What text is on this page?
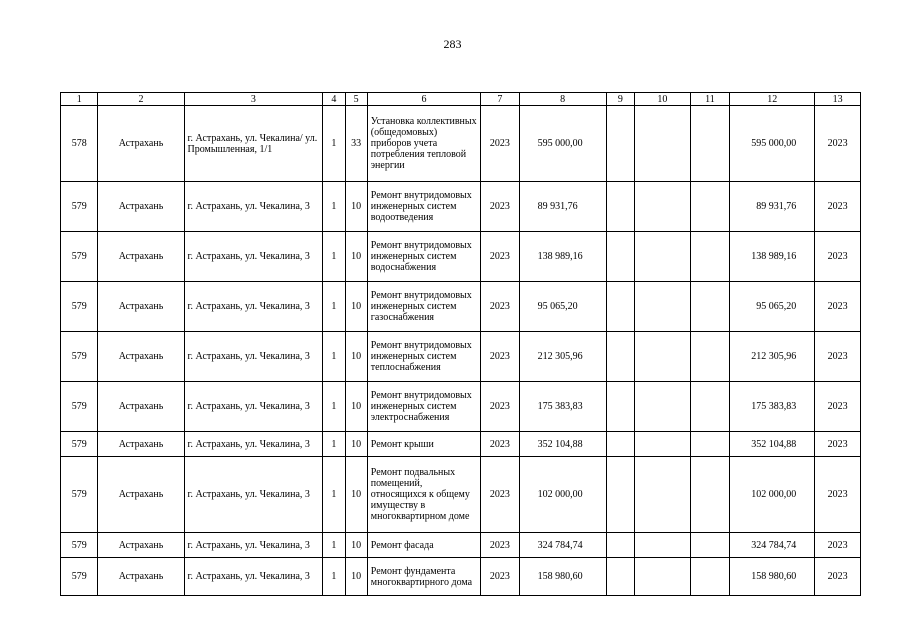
283
1	2	3	4	5	6	7	8	9	10	11	12	13
578	Астрахань	г. Астрахань, ул. Чекалина/ ул. Промышленная, 1/1	1	33	Установка коллективных (общедомовых) приборов учета потребления тепловой энергии	2023	595 000,00				595 000,00	2023
579	Астрахань	г. Астрахань, ул. Чекалина, 3	1	10	Ремонт внутридомовых инженерных систем водоотведения	2023	89 931,76				89 931,76	2023
579	Астрахань	г. Астрахань, ул. Чекалина, 3	1	10	Ремонт внутридомовых инженерных систем водоснабжения	2023	138 989,16				138 989,16	2023
579	Астрахань	г. Астрахань, ул. Чекалина, 3	1	10	Ремонт внутридомовых инженерных систем газоснабжения	2023	95 065,20				95 065,20	2023
579	Астрахань	г. Астрахань, ул. Чекалина, 3	1	10	Ремонт внутридомовых инженерных систем теплоснабжения	2023	212 305,96				212 305,96	2023
579	Астрахань	г. Астрахань, ул. Чекалина, 3	1	10	Ремонт внутридомовых инженерных систем электроснабжения	2023	175 383,83				175 383,83	2023
579	Астрахань	г. Астрахань, ул. Чекалина, 3	1	10	Ремонт крыши	2023	352 104,88				352 104,88	2023
579	Астрахань	г. Астрахань, ул. Чекалина, 3	1	10	Ремонт подвальных помещений, относящихся к общему имуществу в многоквартирном доме	2023	102 000,00				102 000,00	2023
579	Астрахань	г. Астрахань, ул. Чекалина, 3	1	10	Ремонт фасада	2023	324 784,74				324 784,74	2023
579	Астрахань	г. Астрахань, ул. Чекалина, 3	1	10	Ремонт фундамента многоквартирного дома	2023	158 980,60				158 980,60	2023
